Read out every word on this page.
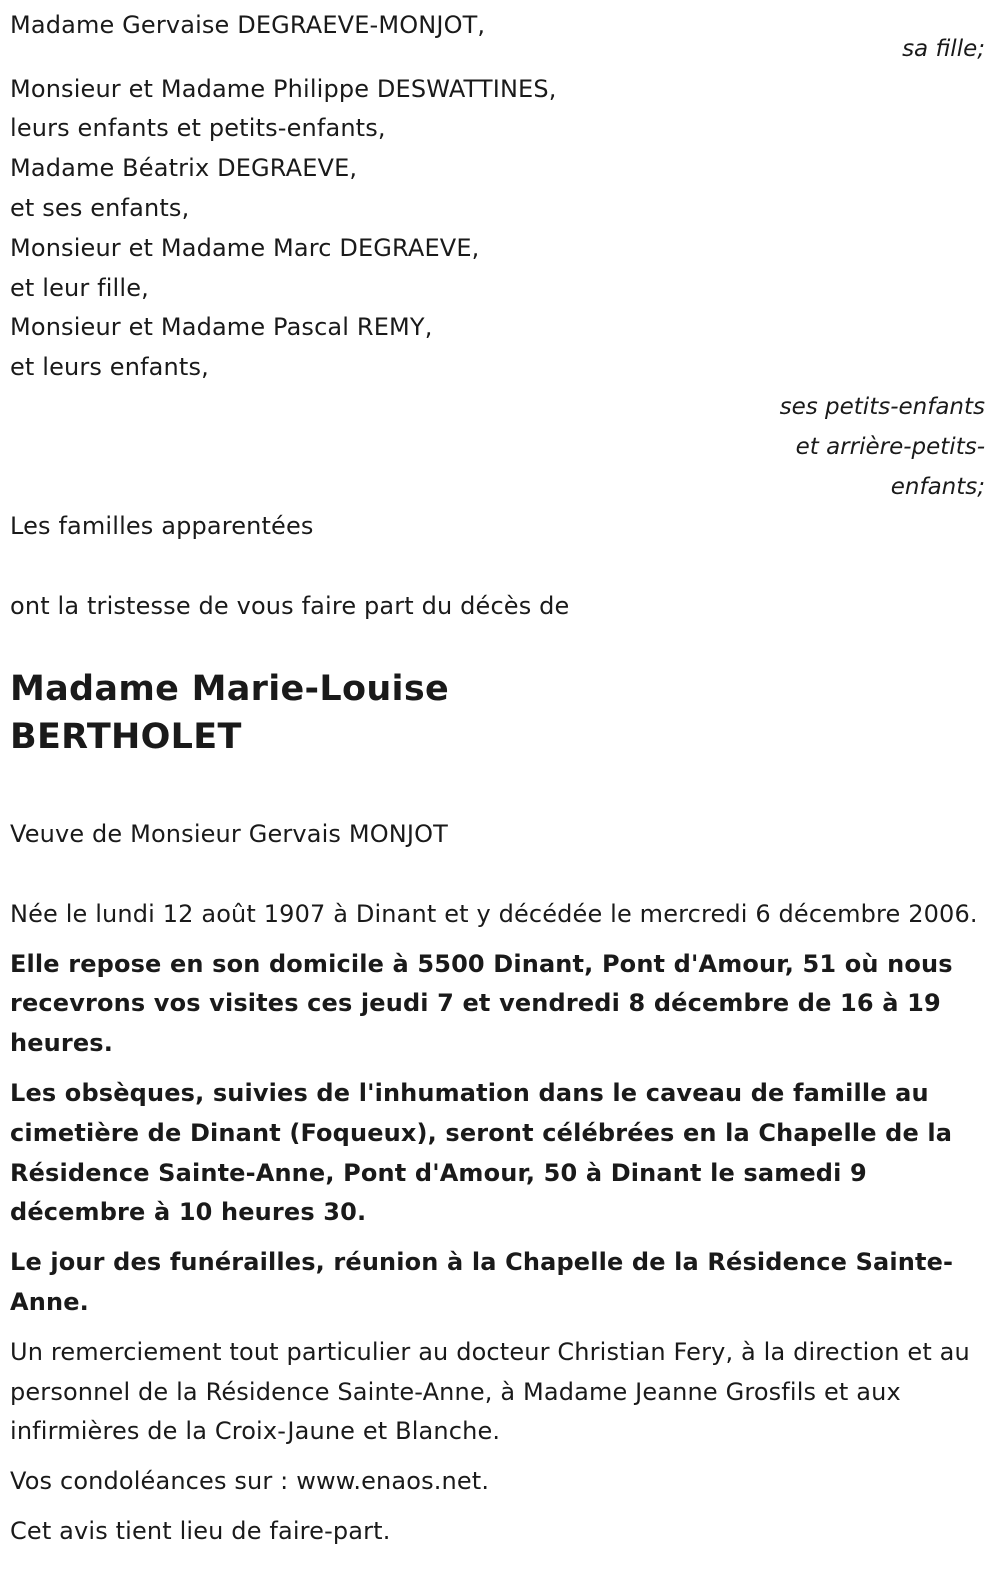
Madame Gervaise DEGRAEVE-MONJOT,
sa fille;
Monsieur et Madame Philippe DESWATTINES,
leurs enfants et petits-enfants,
Madame Béatrix DEGRAEVE,
et ses enfants,
Monsieur et Madame Marc DEGRAEVE,
et leur fille,
Monsieur et Madame Pascal REMY,
et leurs enfants,
ses petits-enfants
et arrière-petits-
enfants;
Les familles apparentées
ont la tristesse de vous faire part du décès de
Madame Marie-Louise
BERTHOLET
Veuve de Monsieur Gervais MONJOT
Née le lundi 12 août 1907 à Dinant et y décédée le mercredi 6 décembre 2006.
Elle repose en son domicile à 5500 Dinant, Pont d'Amour, 51 où nous recevrons vos visites ces jeudi 7 et vendredi 8 décembre de 16 à 19 heures.
Les obsèques, suivies de l'inhumation dans le caveau de famille au cimetière de Dinant (Foqueux), seront célébrées en la Chapelle de la Résidence Sainte-Anne, Pont d'Amour, 50 à Dinant le samedi 9 décembre à 10 heures 30.
Le jour des funérailles, réunion à la Chapelle de la Résidence Sainte-Anne.
Un remerciement tout particulier au docteur Christian Fery, à la direction et au personnel de la Résidence Sainte-Anne, à Madame Jeanne Grosfils et aux infirmières de la Croix-Jaune et Blanche.
Vos condoléances sur : www.enaos.net.
Cet avis tient lieu de faire-part.
